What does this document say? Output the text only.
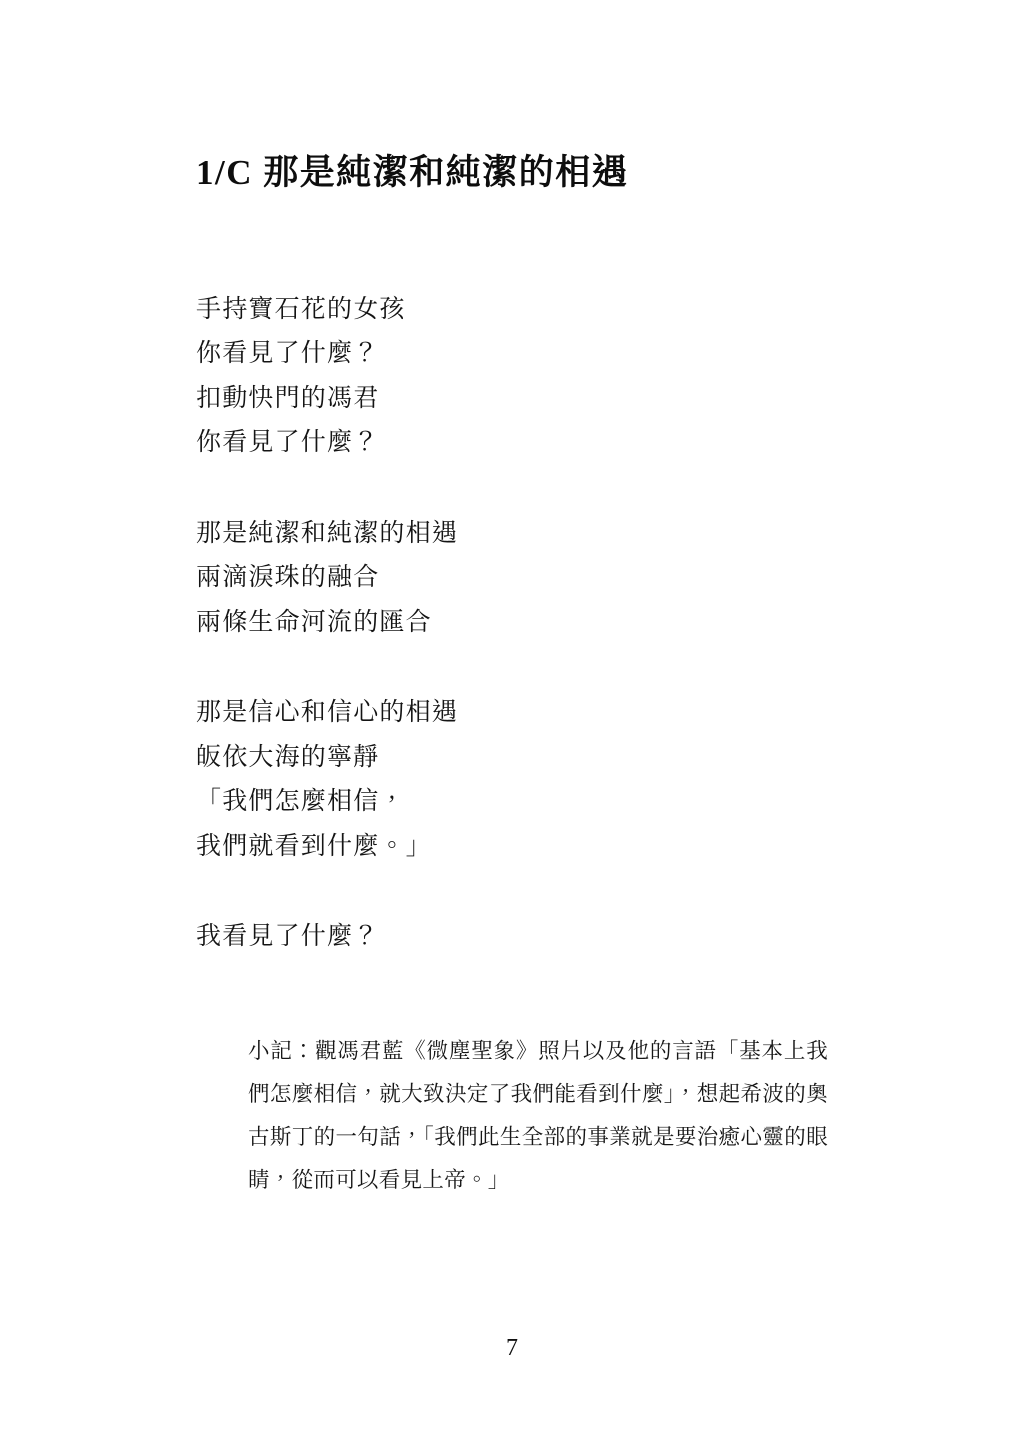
1/C 那是純潔和純潔的相遇
手持寶石花的女孩
你看見了什麼？
扣動快門的馮君
你看見了什麼？
那是純潔和純潔的相遇
兩滴淚珠的融合
兩條生命河流的匯合
那是信心和信心的相遇
皈依大海的寧靜
「我們怎麼相信，
我們就看到什麼。」
我看見了什麼？
小記：觀馮君藍《微塵聖象》照片以及他的言語「基本上我們怎麼相信，就大致決定了我們能看到什麼」，想起希波的奧古斯丁的一句話，「我們此生全部的事業就是要治癒心靈的眼睛，從而可以看見上帝。」
7
